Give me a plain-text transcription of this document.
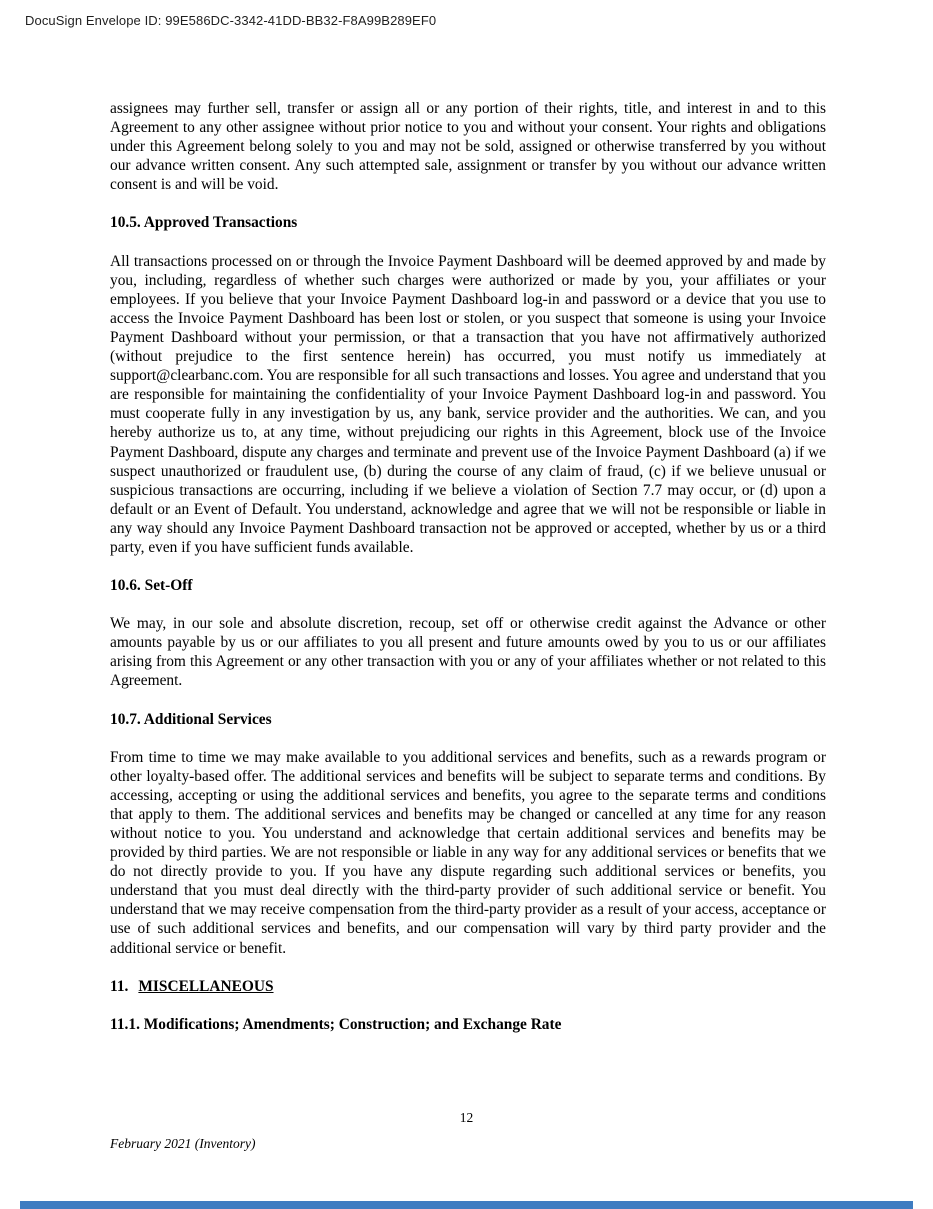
DocuSign Envelope ID: 99E586DC-3342-41DD-BB32-F8A99B289EF0

assignees may further sell, transfer or assign all or any portion of their rights, title, and interest in and to this Agreement to any other assignee without prior notice to you and without your consent. Your rights and obligations under this Agreement belong solely to you and may not be sold, assigned or otherwise transferred by you without our advance written consent. Any such attempted sale, assignment or transfer by you without our advance written consent is and will be void.

10.5. Approved Transactions

All transactions processed on or through the Invoice Payment Dashboard will be deemed approved by and made by you, including, regardless of whether such charges were authorized or made by you, your affiliates or your employees. If you believe that your Invoice Payment Dashboard log-in and password or a device that you use to access the Invoice Payment Dashboard has been lost or stolen, or you suspect that someone is using your Invoice Payment Dashboard without your permission, or that a transaction that you have not affirmatively authorized (without prejudice to the first sentence herein) has occurred, you must notify us immediately at support@clearbanc.com. You are responsible for all such transactions and losses. You agree and understand that you are responsible for maintaining the confidentiality of your Invoice Payment Dashboard log-in and password. You must cooperate fully in any investigation by us, any bank, service provider and the authorities. We can, and you hereby authorize us to, at any time, without prejudicing our rights in this Agreement, block use of the Invoice Payment Dashboard, dispute any charges and terminate and prevent use of the Invoice Payment Dashboard (a) if we suspect unauthorized or fraudulent use, (b) during the course of any claim of fraud, (c) if we believe unusual or suspicious transactions are occurring, including if we believe a violation of Section 7.7 may occur, or (d) upon a default or an Event of Default. You understand, acknowledge and agree that we will not be responsible or liable in any way should any Invoice Payment Dashboard transaction not be approved or accepted, whether by us or a third party, even if you have sufficient funds available.

10.6. Set-Off

We may, in our sole and absolute discretion, recoup, set off or otherwise credit against the Advance or other amounts payable by us or our affiliates to you all present and future amounts owed by you to us or our affiliates arising from this Agreement or any other transaction with you or any of your affiliates whether or not related to this Agreement.

10.7. Additional Services

From time to time we may make available to you additional services and benefits, such as a rewards program or other loyalty-based offer. The additional services and benefits will be subject to separate terms and conditions. By accessing, accepting or using the additional services and benefits, you agree to the separate terms and conditions that apply to them. The additional services and benefits may be changed or cancelled at any time for any reason without notice to you. You understand and acknowledge that certain additional services and benefits may be provided by third parties. We are not responsible or liable in any way for any additional services or benefits that we do not directly provide to you. If you have any dispute regarding such additional services or benefits, you understand that you must deal directly with the third-party provider of such additional service or benefit. You understand that we may receive compensation from the third-party provider as a result of your access, acceptance or use of such additional services and benefits, and our compensation will vary by third party provider and the additional service or benefit.

11. MISCELLANEOUS
11.1. Modifications; Amendments; Construction; and Exchange Rate
12
February 2021 (Inventory)
